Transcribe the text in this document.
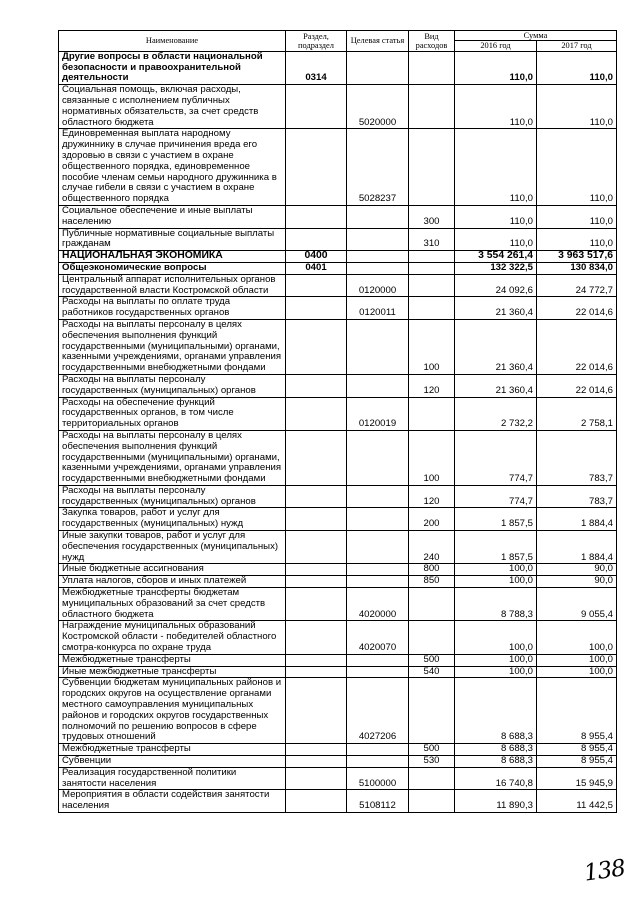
Наименование	Раздел, подраздел	Целевая статья	Вид расходов	Сумма	
				2016 год	2017 год
Другие вопросы в области национальной безопасности и правоохранительной деятельности	0314			110,0	110,0
Социальная помощь, включая расходы, связанные с исполнением публичных нормативных обязательств, за счет средств областного бюджета		5020000		110,0	110,0
Единовременная выплата народному дружиннику в случае причинения вреда его здоровью в связи с участием в охране общественного порядка, единовременное пособие членам семьи народного дружинника в случае гибели в связи с участием в охране общественного порядка		5028237		110,0	110,0
Социальное обеспечение и иные выплаты населению			300	110,0	110,0
Публичные нормативные социальные выплаты гражданам			310	110,0	110,0
НАЦИОНАЛЬНАЯ ЭКОНОМИКА	0400			3 554 261,4	3 963 517,6
Общеэкономические вопросы	0401			132 322,5	130 834,0
Центральный аппарат исполнительных органов государственной власти Костромской области		0120000		24 092,6	24 772,7
Расходы на выплаты по оплате труда работников государственных органов		0120011		21 360,4	22 014,6
Расходы на выплаты персоналу в целях обеспечения выполнения функций государственными (муниципальными) органами, казенными учреждениями, органами управления государственными внебюджетными фондами			100	21 360,4	22 014,6
Расходы на выплаты персоналу государственных (муниципальных) органов			120	21 360,4	22 014,6
Расходы на обеспечение функций государственных органов, в том числе территориальных органов		0120019		2 732,2	2 758,1
Расходы на выплаты персоналу в целях обеспечения выполнения функций государственными (муниципальными) органами, казенными учреждениями, органами управления государственными внебюджетными фондами			100	774,7	783,7
Расходы на выплаты персоналу государственных (муниципальных) органов			120	774,7	783,7
Закупка товаров, работ и услуг для государственных (муниципальных) нужд			200	1 857,5	1 884,4
Иные закупки товаров, работ и услуг для обеспечения государственных (муниципальных) нужд			240	1 857,5	1 884,4
Иные бюджетные ассигнования			800	100,0	90,0
Уплата налогов, сборов и иных платежей			850	100,0	90,0
Межбюджетные трансферты бюджетам муниципальных образований за счет средств областного бюджета		4020000		8 788,3	9 055,4
Награждение муниципальных образований Костромской области - победителей областного смотра-конкурса по охране труда		4020070		100,0	100,0
Межбюджетные трансферты			500	100,0	100,0
Иные межбюджетные трансферты			540	100,0	100,0
Субвенции бюджетам муниципальных районов и городских округов на осуществление органами местного самоуправления муниципальных районов и городских округов государственных полномочий по решению вопросов в сфере трудовых отношений		4027206		8 688,3	8 955,4
Межбюджетные трансферты			500	8 688,3	8 955,4
Субвенции			530	8 688,3	8 955,4
Реализация государственной политики занятости населения		5100000		16 740,8	15 945,9
Мероприятия в области содействия занятости населения		5108112		11 890,3	11 442,5
138
